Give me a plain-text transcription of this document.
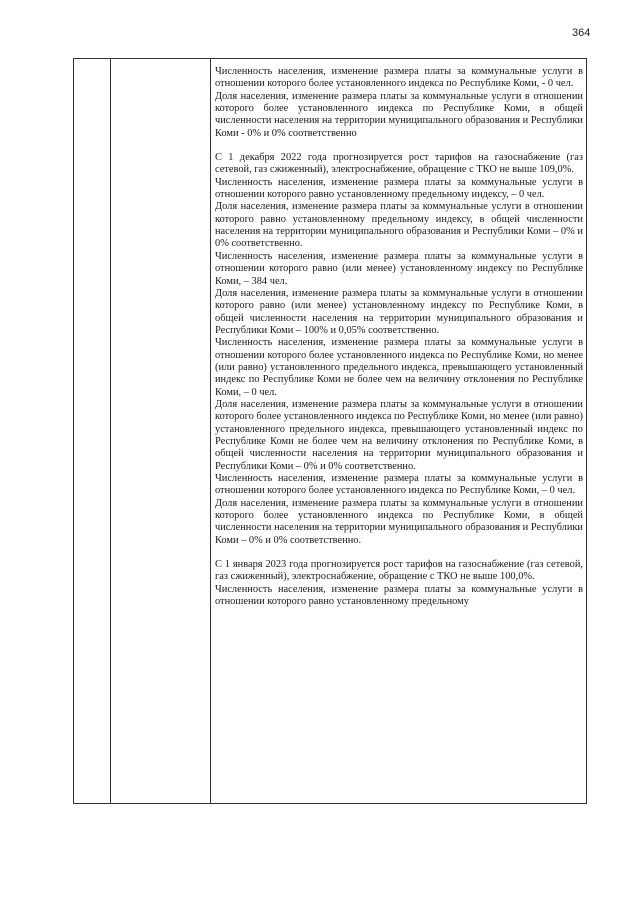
364

Численность населения, изменение размера платы за коммунальные услуги в отношении которого более установленного индекса по Республике Коми, - 0 чел.

Доля населения, изменение размера платы за коммунальные услуги в отношении которого более установленного индекса по Республике Коми, в общей численности населения на территории муниципального образования и Республики Коми - 0% и 0% соответственно

С 1 декабря 2022 года прогнозируется рост тарифов на газоснабжение (газ сетевой, газ сжиженный), электроснабжение, обращение с ТКО не выше 109,0%.

Численность населения, изменение размера платы за коммунальные услуги в отношении которого равно установленному предельному индексу, – 0 чел.

Доля населения, изменение размера платы за коммунальные услуги в отношении которого равно установленному предельному индексу, в общей численности населения на территории муниципального образования и Республики Коми – 0% и 0% соответственно.

Численность населения, изменение размера платы за коммунальные услуги в отношении которого равно (или менее) установленному индексу по Республике Коми, – 384 чел.

Доля населения, изменение размера платы за коммунальные услуги в отношении которого равно (или менее) установленному индексу по Республике Коми, в общей численности населения на территории муниципального образования и Республики Коми – 100% и 0,05% соответственно.

Численность населения, изменение размера платы за коммунальные услуги в отношении которого более установленного индекса по Республике Коми, но менее (или равно) установленного предельного индекса, превышающего установленный индекс по Республике Коми не более чем на величину отклонения по Республике Коми, – 0 чел.

Доля населения, изменение размера платы за коммунальные услуги в отношении которого более установленного индекса по Республике Коми, но менее (или равно) установленного предельного индекса, превышающего установленный индекс по Республике Коми не более чем на величину отклонения по Республике Коми, в общей численности населения на территории муниципального образования и Республики Коми – 0% и 0% соответственно.

Численность населения, изменение размера платы за коммунальные услуги в отношении которого более установленного индекса по Республике Коми, – 0 чел.

Доля населения, изменение размера платы за коммунальные услуги в отношении которого более установленного индекса по Республике Коми, в общей численности населения на территории муниципального образования и Республики Коми – 0% и 0% соответственно.

С 1 января 2023 года прогнозируется рост тарифов на газоснабжение (газ сетевой, газ сжиженный), электроснабжение, обращение с ТКО не выше 100,0%.

Численность населения, изменение размера платы за коммунальные услуги в отношении которого равно установленному предельному
